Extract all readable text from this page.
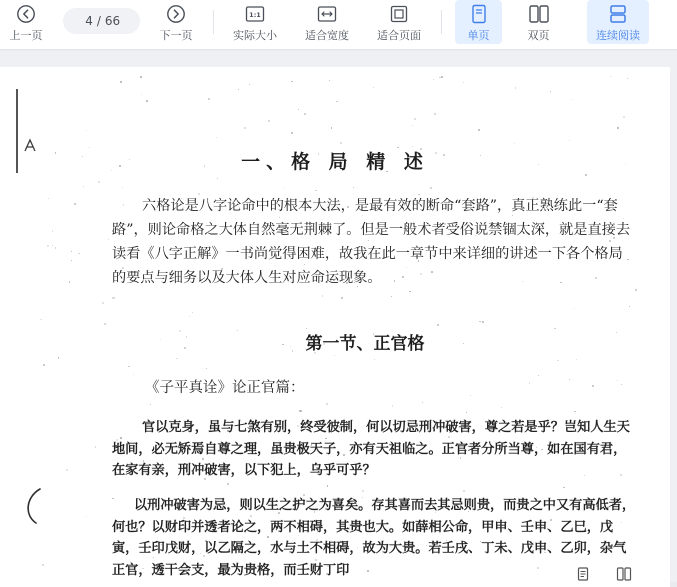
上一页
4 / 66
下一页
1:1
实际大小	适合宽度	适合页面	单页	双页	连续阅读
一、格 局 精 述
六格论是八字论命中的根本大法，是最有效的断命“套路”，真正熟练此一“套路”，则论命格之大体自然毫无荆棘了。但是一般术者受俗说禁锢太深，就是直接去读看《八字正解》一书尚觉得困难，故我在此一章节中来详细的讲述一下各个格局的要点与细务以及大体人生对应命运现象。
第一节、正官格
《子平真诠》论正官篇：
官以克身，虽与七煞有别，终受彼制，何以切忌刑冲破害，尊之若是乎？岂知人生天地间，必无矫焉自尊之理，虽贵极天子，亦有天祖临之。正官者分所当尊，如在国有君，在家有亲，刑冲破害，以下犯上，乌乎可乎？
以刑冲破害为忌，则以生之护之为喜矣。存其喜而去其忌则贵，而贵之中又有高低者，何也？以财印并透者论之，两不相碍，其贵也大。如薛相公命，甲申、壬申、乙巳，戊寅，壬印戊财，以乙隔之，水与土不相碍，故为大贵。若壬戌、丁未、戊申、乙卯，杂气正官，透干会支，最为贵格，而壬财丁印
